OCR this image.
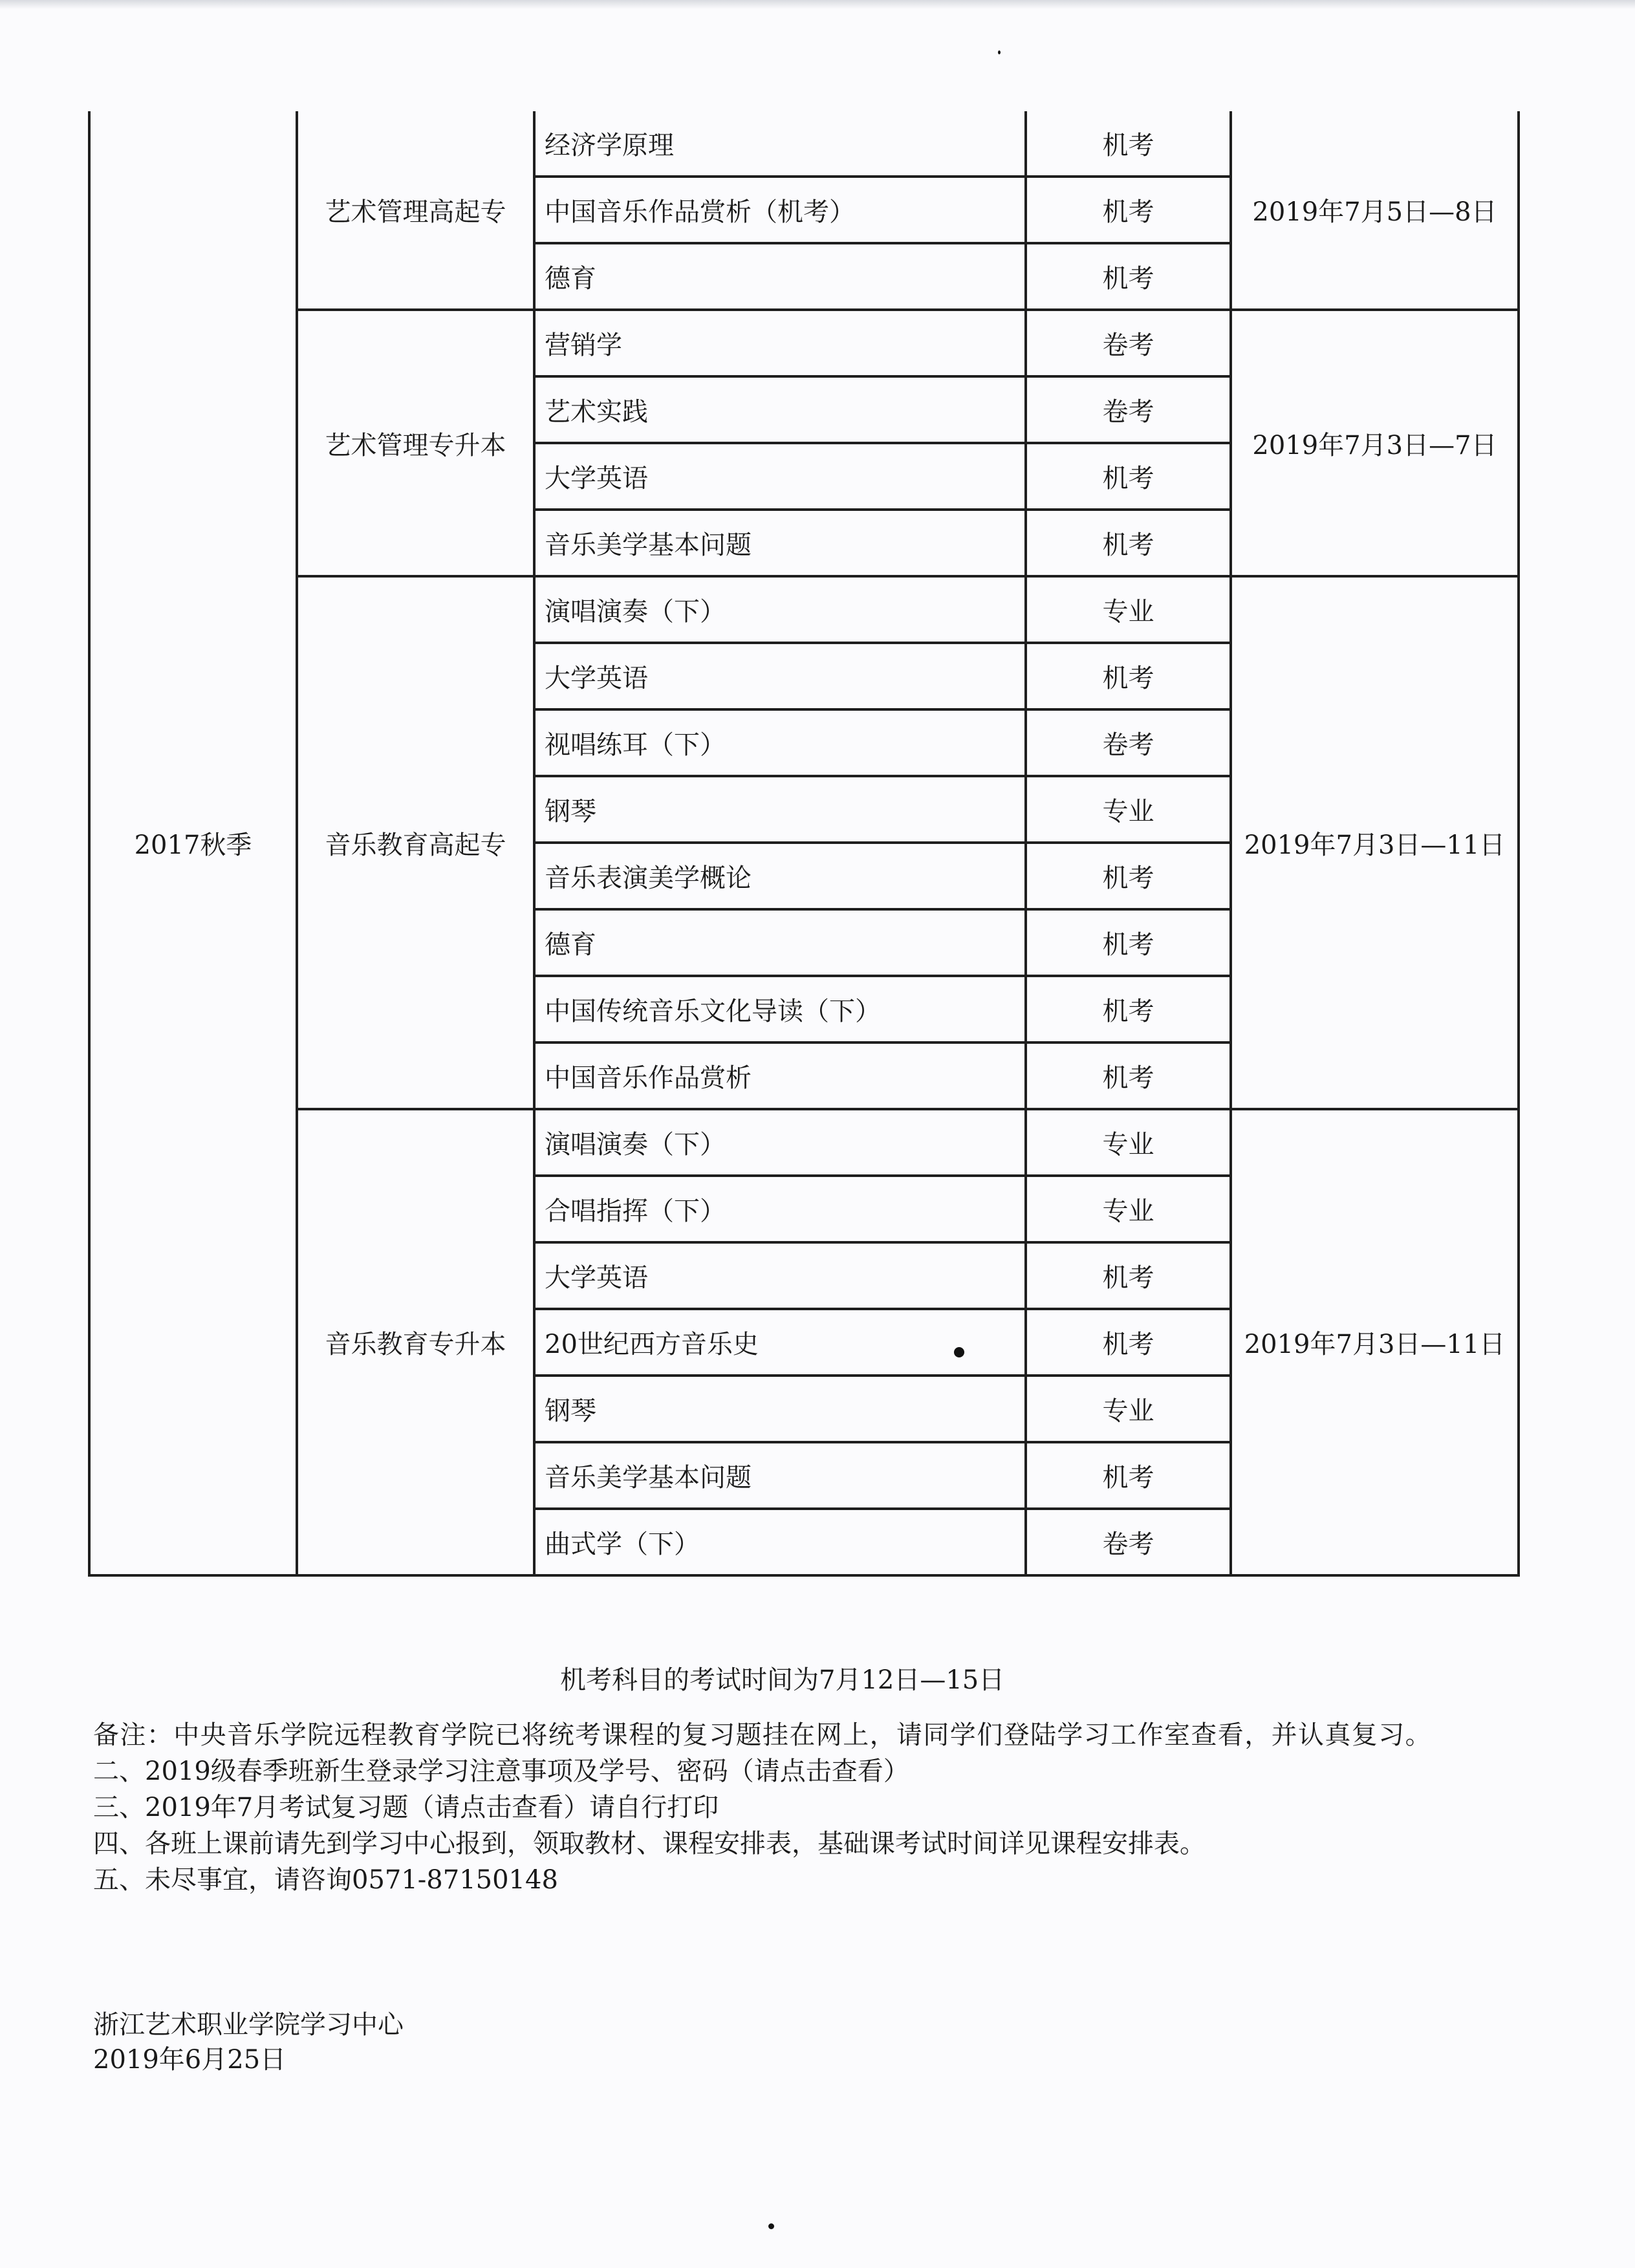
2017秋季	艺术管理高起专	经济学原理	机考	2019年7月5日—8日
		中国音乐作品赏析（机考）	机考	
		德育	机考	
	艺术管理专升本	营销学	卷考	2019年7月3日—7日
		艺术实践	卷考	
		大学英语	机考	
		音乐美学基本问题	机考	
	音乐教育高起专	演唱演奏（下）	专业	2019年7月3日—11日
		大学英语	机考	
		视唱练耳（下）	卷考	
		钢琴	专业	
		音乐表演美学概论	机考	
		德育	机考	
		中国传统音乐文化导读（下）	机考	
		中国音乐作品赏析	机考	
	音乐教育专升本	演唱演奏（下）	专业	2019年7月3日—11日
		合唱指挥（下）	专业	
		大学英语	机考	
		20世纪西方音乐史	机考	
		钢琴	专业	
		音乐美学基本问题	机考	
		曲式学（下）	卷考	
机考科目的考试时间为7月12日—15日

备注：中央音乐学院远程教育学院已将统考课程的复习题挂在网上，请同学们登陆学习工作室查看，并认真复习。

二、2019级春季班新生登录学习注意事项及学号、密码（请点击查看）

三、2019年7月考试复习题（请点击查看）请自行打印

四、各班上课前请先到学习中心报到，领取教材、课程安排表，基础课考试时间详见课程安排表。

五、未尽事宜，请咨询0571-87150148

浙江艺术职业学院学习中心
2019年6月25日
